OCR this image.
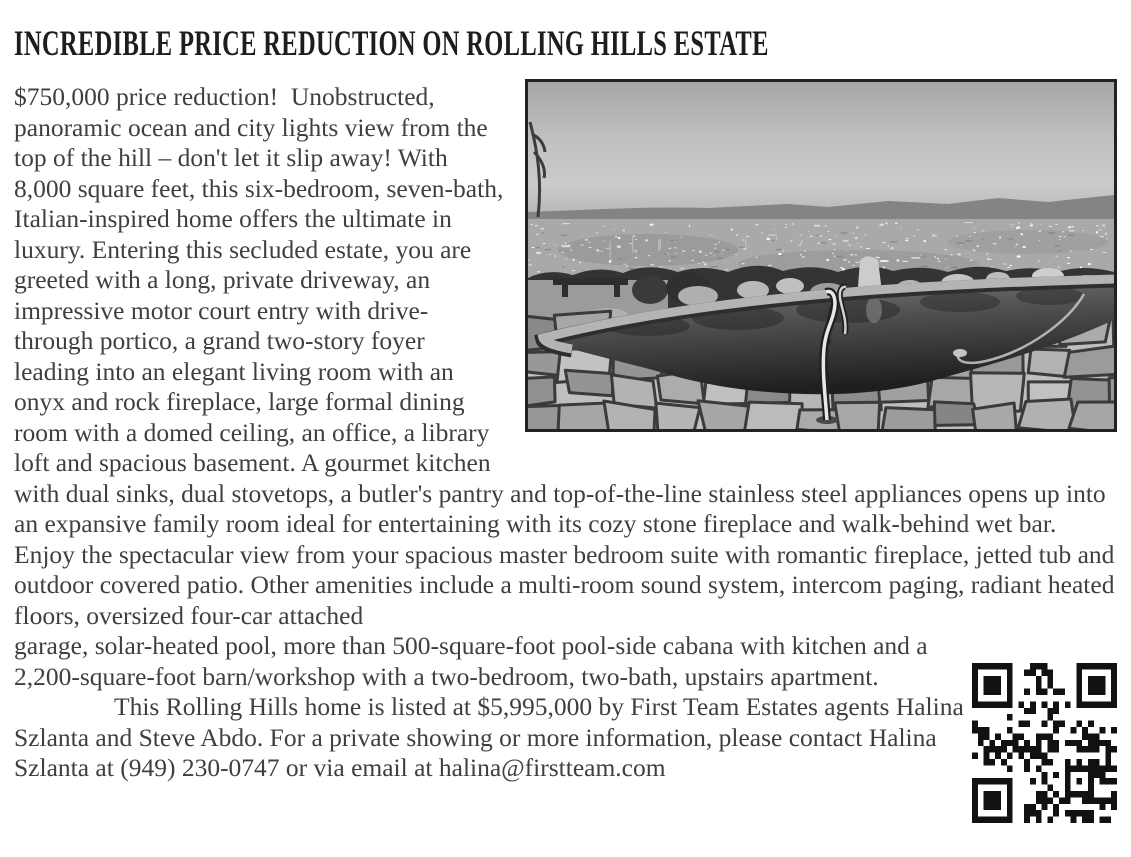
INCREDIBLE PRICE REDUCTION ON ROLLING HILLS ESTATE

$750,000 price reduction!  Unobstructed, panoramic ocean and city lights view from the top of the hill – don't let it slip away! With 8,000 square feet, this six-bedroom, seven-bath, Italian-inspired home offers the ultimate in luxury. Entering this secluded estate, you are greeted with a long, private driveway, an impressive motor court entry with drive-through portico, a grand two-story foyer leading into an elegant living room with an onyx and rock fireplace, large formal dining room with a domed ceiling, an office, a library loft and spacious basement. A gourmet kitchen with dual sinks, dual stovetops, a butler's pantry and top-of-the-line stainless steel appliances opens up into an expansive family room ideal for entertaining with its cozy stone fireplace and walk-behind wet bar. Enjoy the spectacular view from your spacious master bedroom suite with romantic fireplace, jetted tub and outdoor covered patio. Other amenities include a multi-room sound system, intercom paging, radiant heated floors, oversized four-car attached

garage, solar-heated pool, more than 500-square-foot pool-side cabana with kitchen and a 2,200-square-foot barn/workshop with a two-bedroom, two-bath, upstairs apartment.

This Rolling Hills home is listed at $5,995,000 by First Team Estates agents Halina Szlanta and Steve Abdo. For a private showing or more information, please contact Halina Szlanta at (949) 230-0747 or via email at halina@firstteam.com
